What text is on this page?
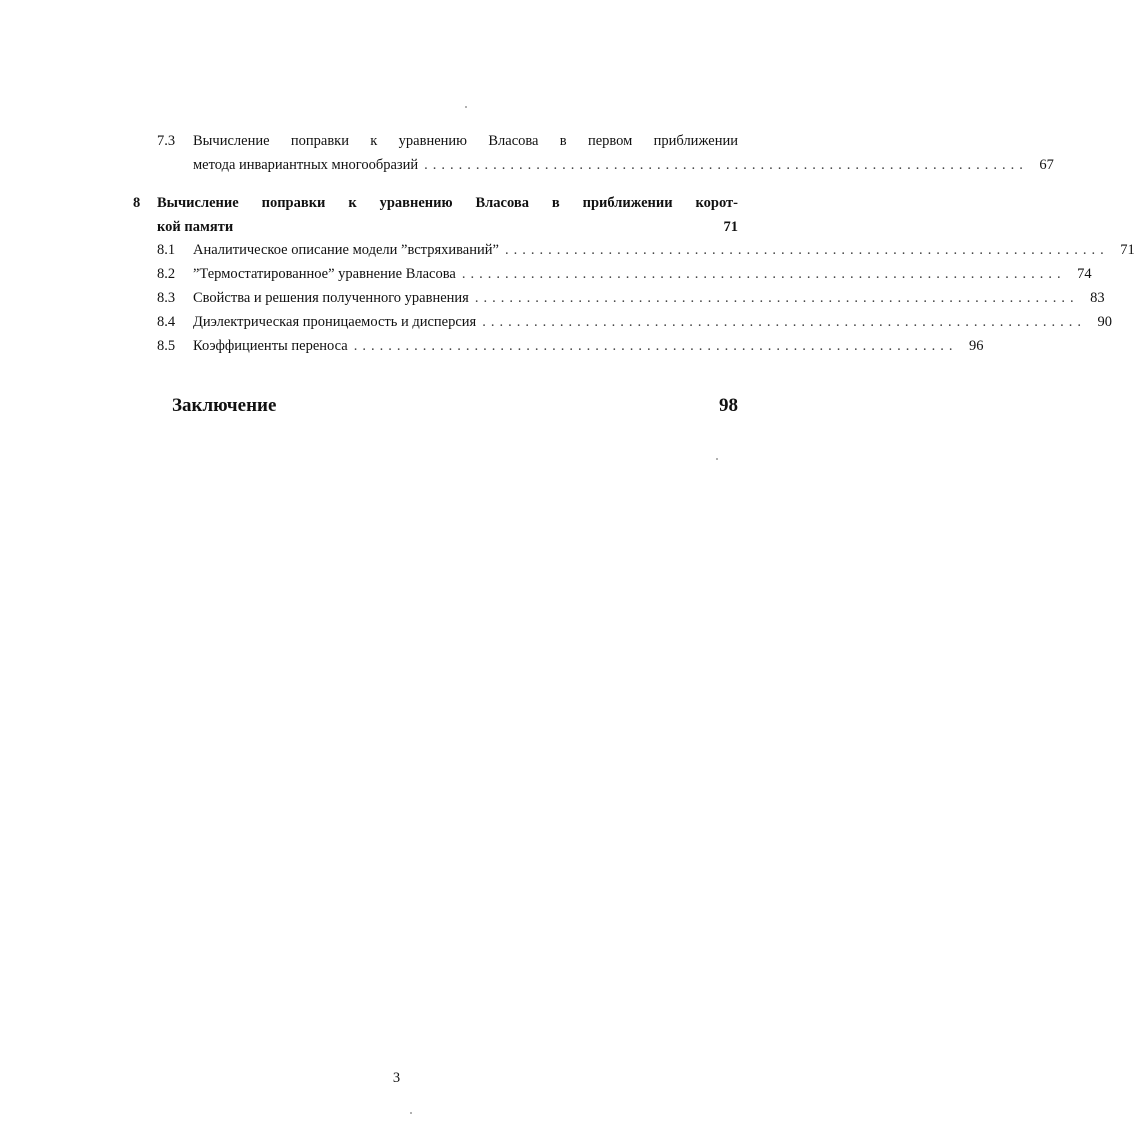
7.3 Вычисление поправки к уравнению Власова в первом приближении
метода инвариантных многообразий ...................................................................... 67
8 Вычисление поправки к уравнению Власова в приближении корот-
кой памяти	71
8.1 Аналитическое описание модели ”встряхиваний” ...................................................................... 71
8.2 ”Термостатированное” уравнение Власова ...................................................................... 74
8.3 Свойства и решения полученного уравнения ...................................................................... 83
8.4 Диэлектрическая проницаемость и дисперсия ...................................................................... 90
8.5 Коэффициенты переноса ...................................................................... 96
Заключение	98
3
